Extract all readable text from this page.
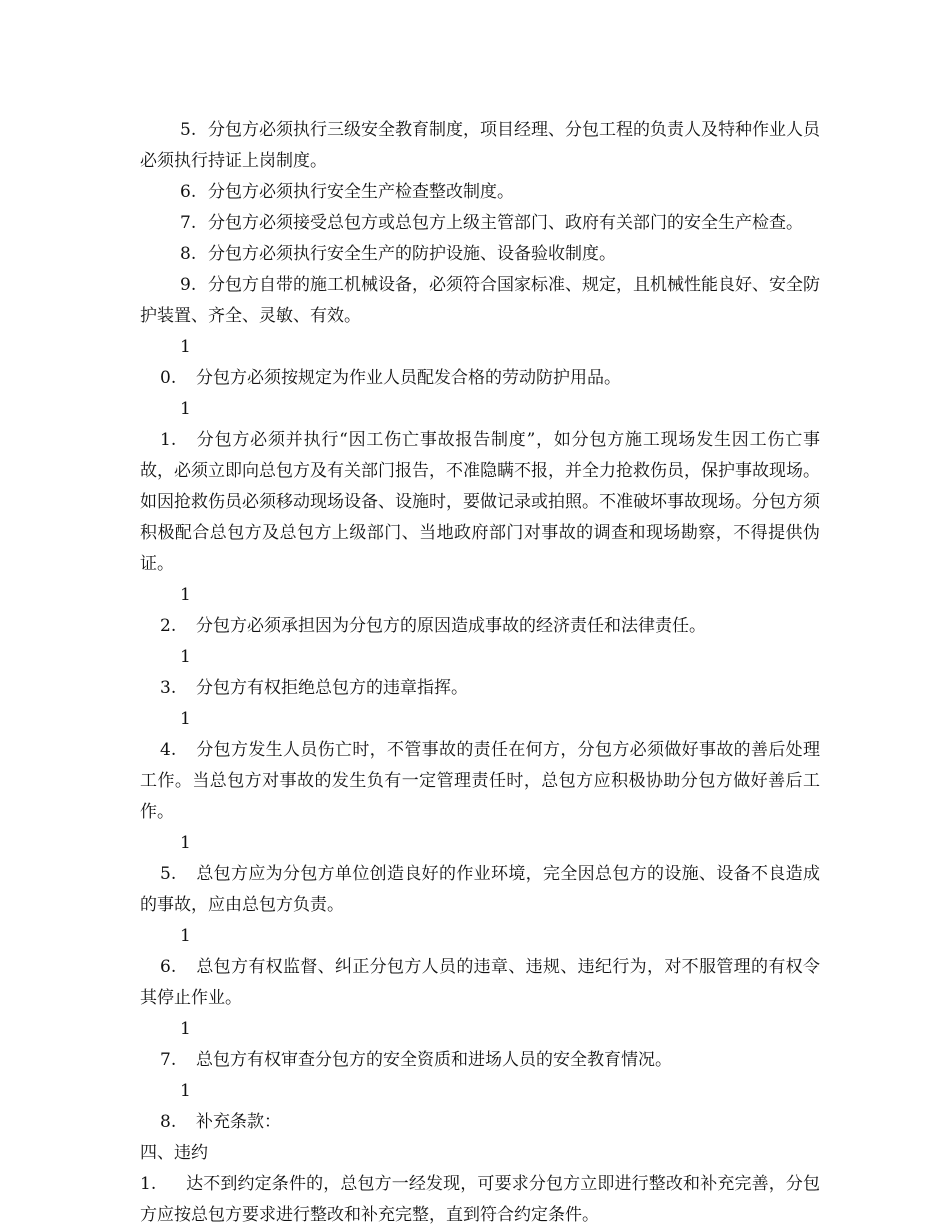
5. 分包方必须执行三级安全教育制度，项目经理、分包工程的负责人及特种作业人员必须执行持证上岗制度。

6. 分包方必须执行安全生产检查整改制度。

7. 分包方必须接受总包方或总包方上级主管部门、政府有关部门的安全生产检查。

8. 分包方必须执行安全生产的防护设施、设备验收制度。

9. 分包方自带的施工机械设备，必须符合国家标准、规定，且机械性能良好、安全防护装置、齐全、灵敏、有效。

10. 分包方必须按规定为作业人员配发合格的劳动防护用品。

11. 分包方必须并执行“因工伤亡事故报告制度”，如分包方施工现场发生因工伤亡事故，必须立即向总包方及有关部门报告，不准隐瞒不报，并全力抢救伤员，保护事故现场。如因抢救伤员必须移动现场设备、设施时，要做记录或拍照。不准破坏事故现场。分包方须积极配合总包方及总包方上级部门、当地政府部门对事故的调查和现场勘察，不得提供伪证。

12. 分包方必须承担因为分包方的原因造成事故的经济责任和法律责任。

13. 分包方有权拒绝总包方的违章指挥。

14. 分包方发生人员伤亡时，不管事故的责任在何方，分包方必须做好事故的善后处理工作。当总包方对事故的发生负有一定管理责任时，总包方应积极协助分包方做好善后工作。

15. 总包方应为分包方单位创造良好的作业环境，完全因总包方的设施、设备不良造成的事故，应由总包方负责。

16. 总包方有权监督、纠正分包方人员的违章、违规、违纪行为，对不服管理的有权令其停止作业。

17. 总包方有权审查分包方的安全资质和进场人员的安全教育情况。

18. 补充条款：

四、违约

1. 达不到约定条件的，总包方一经发现，可要求分包方立即进行整改和补充完善，分包方应按总包方要求进行整改和补充完整，直到符合约定条件。
